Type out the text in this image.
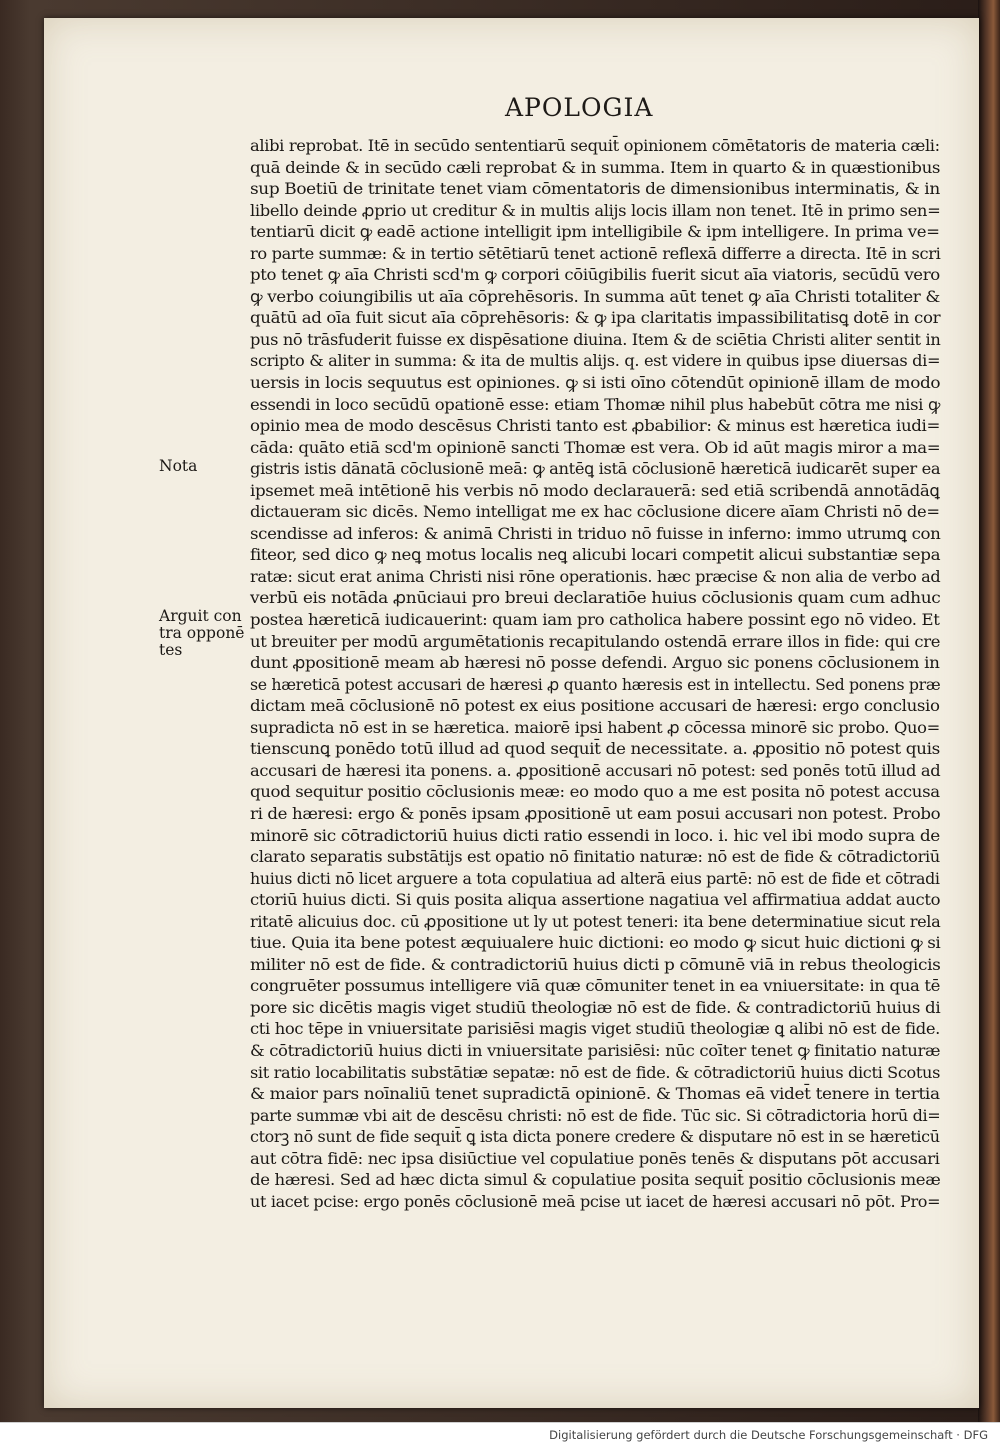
APOLOGIA
Nota
Arguit con tra opponē tes
alibi reprobat. Itē in secūdo sententiarū sequit̄ opinionem cōmētatoris de materia cæli:
quā deinde & in secūdo cæli reprobat & in summa. Item in quarto & in quæstionibus
sup Boetiū de trinitate tenet viam cōmentatoris de dimensionibus interminatis, & in
libello deinde ꝓprio ut creditur & in multis alijs locis illam non tenet. Itē in primo sen=
tentiarū dicit ꝙ eadē actione intelligit ipm intelligibile & ipm intelligere. In prima ve=
ro parte summæ: & in tertio sētētiarū tenet actionē reflexā differre a directa. Itē in scri
pto tenet ꝙ aīa Christi scd'm ꝙ corpori cōiūgibilis fuerit sicut aīa viatoris, secūdū vero
ꝙ verbo coiungibilis ut aīa cōprehēsoris. In summa aūt tenet ꝙ aīa Christi totaliter &
quātū ad oīa fuit sicut aīa cōprehēsoris: & ꝙ ipa claritatis impassibilitatisꝗ dotē in cor
pus nō trāsfuderit fuisse ex dispēsatione diuina. Item & de sciētia Christi aliter sentit in
scripto & aliter in summa: & ita de multis alijs. q. est videre in quibus ipse diuersas di=
uersis in locis sequutus est opiniones. ꝙ si isti oīno cōtendūt opinionē illam de modo
essendi in loco secūdū opationē esse: etiam Thomæ nihil plus habebūt cōtra me nisi ꝙ
opinio mea de modo descēsus Christi tanto est ꝓbabilior: & minus est hæretica iudi=
cāda: quāto etiā scd'm opinionē sancti Thomæ est vera. Ob id aūt magis miror a ma=
gistris istis dānatā cōclusionē meā: ꝙ antēꝗ istā cōclusionē hæreticā iudicarēt super ea
ipsemet meā intētionē his verbis nō modo declarauerā: sed etiā scribendā annotādāꝗ
dictaueram sic dicēs. Nemo intelligat me ex hac cōclusione dicere aīam Christi nō de=
scendisse ad inferos: & animā Christi in triduo nō fuisse in inferno: immo utrumꝗ con
fiteor, sed dico ꝙ neꝗ motus localis neꝗ alicubi locari competit alicui substantiæ sepa
ratæ: sicut erat anima Christi nisi rōne operationis. hæc præcise & non alia de verbo ad
verbū eis notāda ꝓnūciaui pro breui declaratiōe huius cōclusionis quam cum adhuc
postea hæreticā iudicauerint: quam iam pro catholica habere possint ego nō video. Et
ut breuiter per modū argumētationis recapitulando ostendā errare illos in fide: qui cre
dunt ꝓpositionē meam ab hæresi nō posse defendi. Arguo sic ponens cōclusionem in
se hæreticā potest accusari de hæresi ꝓ quanto hæresis est in intellectu. Sed ponens præ
dictam meā cōclusionē nō potest ex eius positione accusari de hæresi: ergo conclusio
supradicta nō est in se hæretica. maiorē ipsi habent ꝓ cōcessa minorē sic probo. Quo=
tienscunꝗ ponēdo totū illud ad quod sequit̄ de necessitate. a. ꝓpositio nō potest quis
accusari de hæresi ita ponens. a. ꝓpositionē accusari nō potest: sed ponēs totū illud ad
quod sequitur positio cōclusionis meæ: eo modo quo a me est posita nō potest accusa
ri de hæresi: ergo & ponēs ipsam ꝓpositionē ut eam posui accusari non potest. Probo
minorē sic cōtradictoriū huius dicti ratio essendi in loco. i. hic vel ibi modo supra de
clarato separatis substātijs est opatio nō finitatio naturæ: nō est de fide & cōtradictoriū
huius dicti nō licet arguere a tota copulatiua ad alterā eius partē: nō est de fide et cōtradi
ctoriū huius dicti. Si quis posita aliqua assertione nagatiua vel affirmatiua addat aucto
ritatē alicuius doc. cū ꝓpositione ut ly ut potest teneri: ita bene determinatiue sicut rela
tiue. Quia ita bene potest æquiualere huic dictioni: eo modo ꝙ sicut huic dictioni ꝙ si
militer nō est de fide. & contradictoriū huius dicti p cōmunē viā in rebus theologicis
congruēter possumus intelligere viā quæ cōmuniter tenet in ea vniuersitate: in qua tē
pore sic dicētis magis viget studiū theologiæ nō est de fide. & contradictoriū huius di
cti hoc tēpe in vniuersitate parisiēsi magis viget studiū theologiæ ꝗ alibi nō est de fide.
& cōtradictoriū huius dicti in vniuersitate parisiēsi: nūc coīter tenet ꝙ finitatio naturæ
sit ratio locabilitatis substātiæ sepatæ: nō est de fide. & cōtradictoriū huius dicti Scotus
& maior pars noīnaliū tenet supradictā opinionē. & Thomas eā videt̄ tenere in tertia
parte summæ vbi ait de descēsu christi: nō est de fide. Tūc sic. Si cōtradictoria horū di=
ctorꝫ nō sunt de fide sequit̄ ꝗ ista dicta ponere credere & disputare nō est in se hæreticū
aut cōtra fidē: nec ipsa disiūctiue vel copulatiue ponēs tenēs & disputans pōt accusari
de hæresi. Sed ad hæc dicta simul & copulatiue posita sequit̄ positio cōclusionis meæ
ut iacet pcise: ergo ponēs cōclusionē meā pcise ut iacet de hæresi accusari nō pōt. Pro=
Digitalisierung gefördert durch die Deutsche Forschungsgemeinschaft · DFG
